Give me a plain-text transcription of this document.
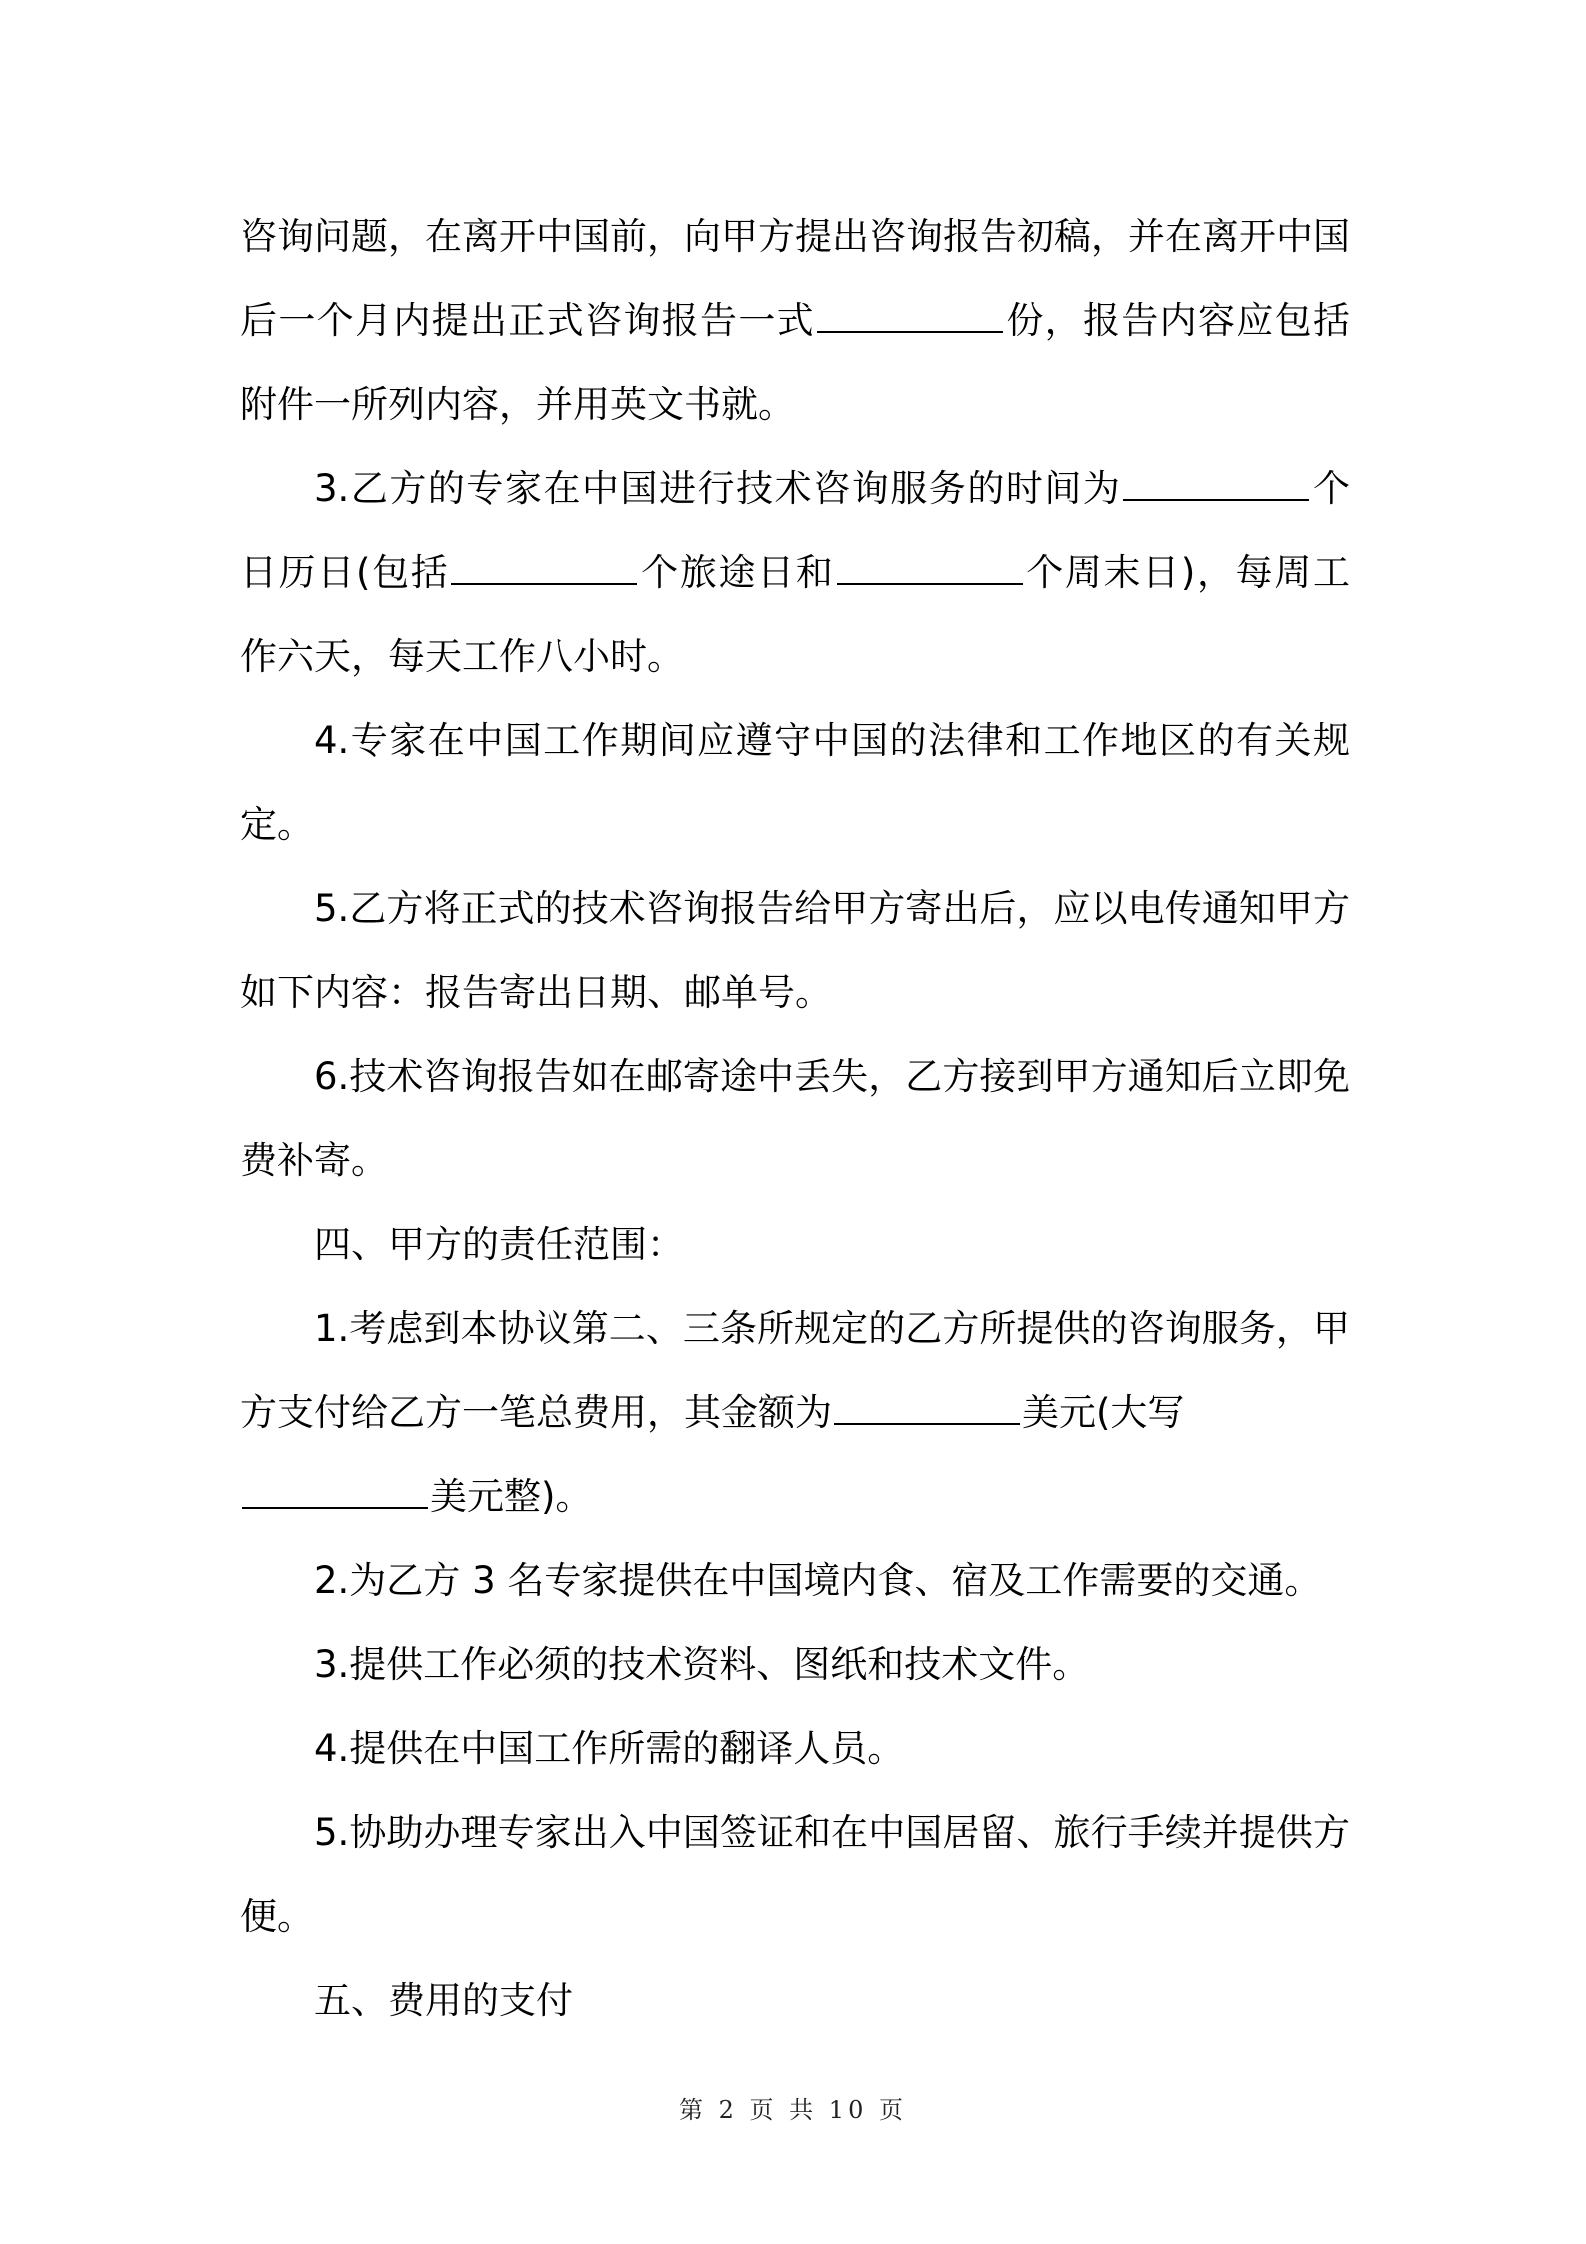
咨询问题，在离开中国前，向甲方提出咨询报告初稿，并在离开中国后一个月内提出正式咨询报告一式	份，报告内容应包括附件一所列内容，并用英文书就。

3.乙方的专家在中国进行技术咨询服务的时间为	个日历日(包括	个旅途日和	个周末日)，每周工作六天，每天工作八小时。

4.专家在中国工作期间应遵守中国的法律和工作地区的有关规定。

5.乙方将正式的技术咨询报告给甲方寄出后，应以电传通知甲方如下内容：报告寄出日期、邮单号。

6.技术咨询报告如在邮寄途中丢失，乙方接到甲方通知后立即免费补寄。

四、甲方的责任范围：

1.考虑到本协议第二、三条所规定的乙方所提供的咨询服务，甲方支付给乙方一笔总费用，其金额为	美元(大写

美元整)。

2.为乙方 3 名专家提供在中国境内食、宿及工作需要的交通。

3.提供工作必须的技术资料、图纸和技术文件。

4.提供在中国工作所需的翻译人员。

5.协助办理专家出入中国签证和在中国居留、旅行手续并提供方便。

五、费用的支付

第 2 页 共 10 页
